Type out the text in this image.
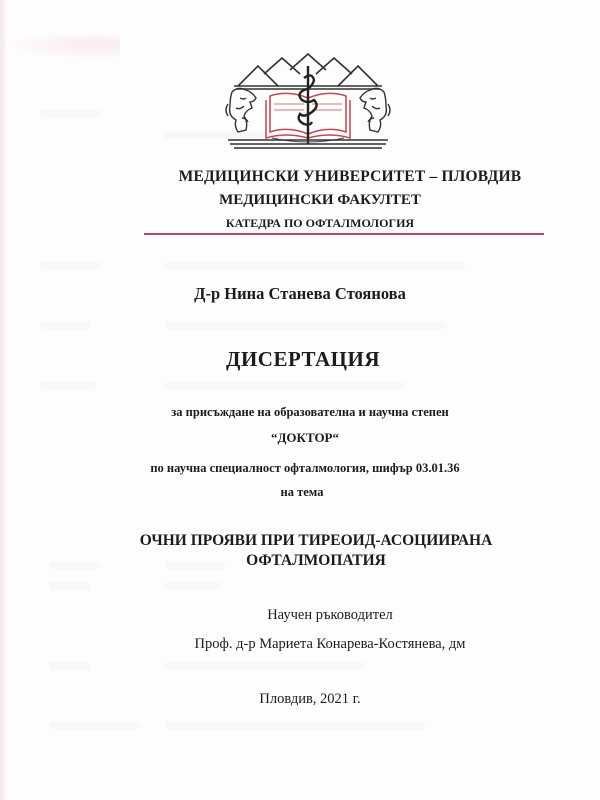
МЕДИЦИНСКИ УНИВЕРСИТЕТ – ПЛОВДИВ
МЕДИЦИНСКИ ФАКУЛТЕТ
КАТЕДРА ПО ОФТАЛМОЛОГИЯ
Д-р Нина Станева Стоянова
ДИСЕРТАЦИЯ
за присъждане на образователна и научна степен
“ДОКТОР“
по научна специалност офталмология, шифър 03.01.36
на тема
ОЧНИ ПРОЯВИ ПРИ ТИРЕОИД-АСОЦИИРАНА
ОФТАЛМОПАТИЯ
Научен ръководител
Проф. д-р Мариета Конарева-Костянева, дм
Пловдив, 2021 г.
